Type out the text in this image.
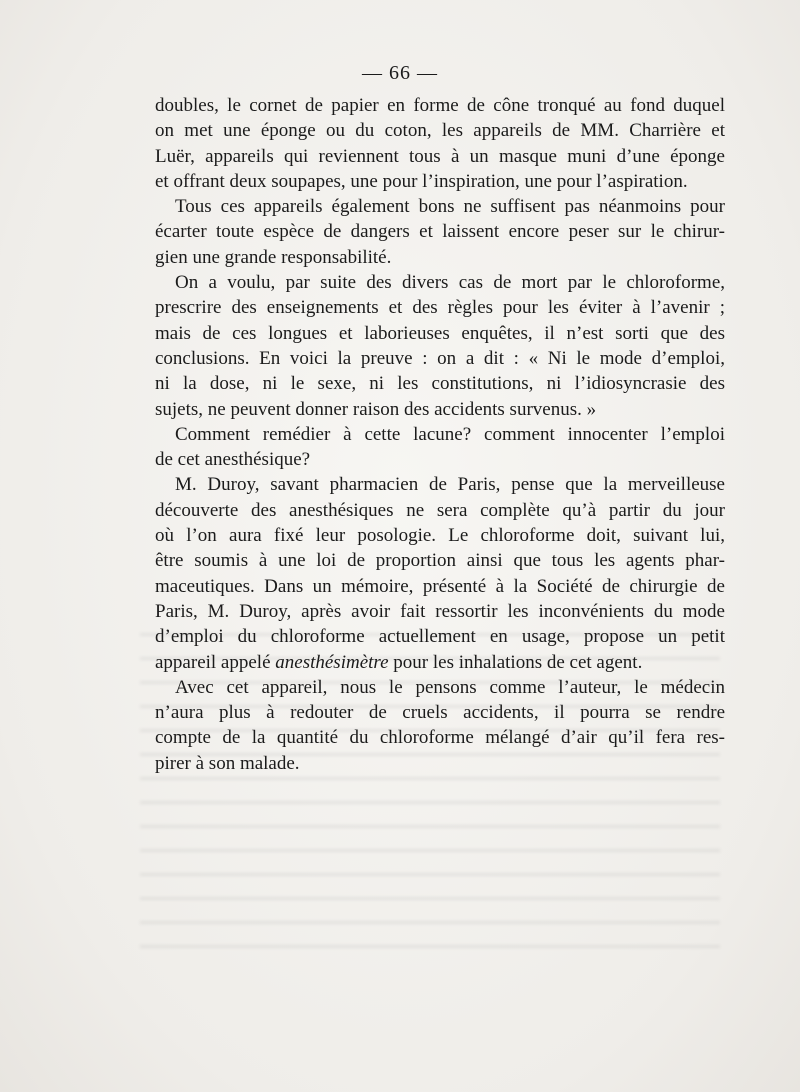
— 66 —
doubles, le cornet de papier en forme de cône tronqué au fond duquel
on met une éponge ou du coton, les appareils de MM. Charrière et
Luër, appareils qui reviennent tous à un masque muni d’une éponge
et offrant deux soupapes, une pour l’inspiration, une pour l’aspiration.
Tous ces appareils également bons ne suffisent pas néanmoins pour
écarter toute espèce de dangers et laissent encore peser sur le chirur-
gien une grande responsabilité.
On a voulu, par suite des divers cas de mort par le chloroforme,
prescrire des enseignements et des règles pour les éviter à l’avenir ;
mais de ces longues et laborieuses enquêtes, il n’est sorti que des
conclusions. En voici la preuve : on a dit : « Ni le mode d’emploi,
ni la dose, ni le sexe, ni les constitutions, ni l’idiosyncrasie des
sujets, ne peuvent donner raison des accidents survenus. »
Comment remédier à cette lacune? comment innocenter l’emploi
de cet anesthésique?
M. Duroy, savant pharmacien de Paris, pense que la merveilleuse
découverte des anesthésiques ne sera complète qu’à partir du jour
où l’on aura fixé leur posologie. Le chloroforme doit, suivant lui,
être soumis à une loi de proportion ainsi que tous les agents phar-
maceutiques. Dans un mémoire, présenté à la Société de chirurgie de
Paris, M. Duroy, après avoir fait ressortir les inconvénients du mode
d’emploi du chloroforme actuellement en usage, propose un petit
appareil appelé anesthésimètre pour les inhalations de cet agent.
Avec cet appareil, nous le pensons comme l’auteur, le médecin
n’aura plus à redouter de cruels accidents, il pourra se rendre
compte de la quantité du chloroforme mélangé d’air qu’il fera res-
pirer à son malade.
